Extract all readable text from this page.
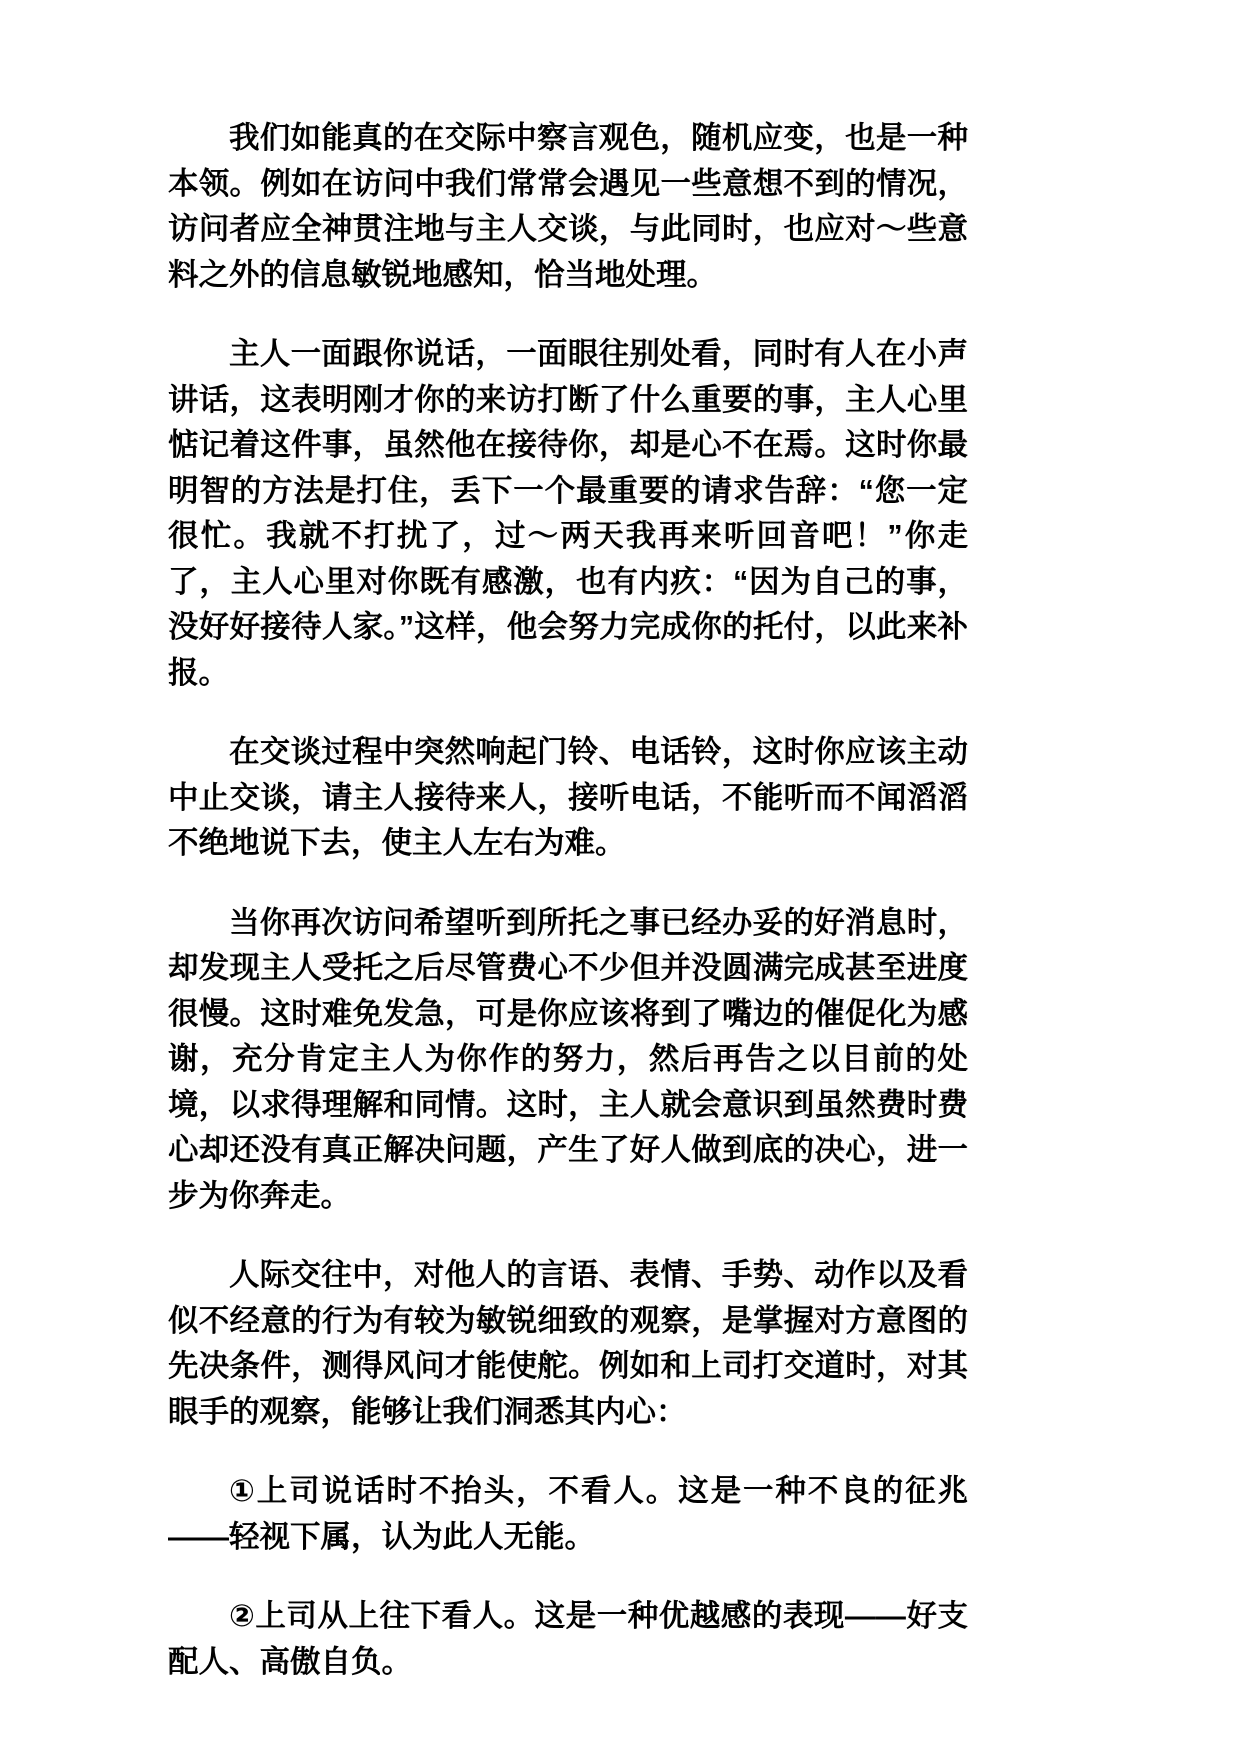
我们如能真的在交际中察言观色，随机应变，也是一种本领。例如在访问中我们常常会遇见一些意想不到的情况，访问者应全神贯注地与主人交谈，与此同时，也应对～些意料之外的信息敏锐地感知，恰当地处理。

主人一面跟你说话，一面眼往别处看，同时有人在小声讲话，这表明刚才你的来访打断了什么重要的事，主人心里惦记着这件事，虽然他在接待你，却是心不在焉。这时你最明智的方法是打住，丢下一个最重要的请求告辞：“您一定很忙。我就不打扰了，过～两天我再来听回音吧！”你走了，主人心里对你既有感激，也有内疚：“因为自己的事，没好好接待人家。”这样，他会努力完成你的托付，以此来补报。

在交谈过程中突然响起门铃、电话铃，这时你应该主动中止交谈，请主人接待来人，接听电话，不能听而不闻滔滔不绝地说下去，使主人左右为难。

当你再次访问希望听到所托之事已经办妥的好消息时，却发现主人受托之后尽管费心不少但并没圆满完成甚至进度很慢。这时难免发急，可是你应该将到了嘴边的催促化为感谢，充分肯定主人为你作的努力，然后再告之以目前的处境，以求得理解和同情。这时，主人就会意识到虽然费时费心却还没有真正解决问题，产生了好人做到底的决心，进一步为你奔走。

人际交往中，对他人的言语、表情、手势、动作以及看似不经意的行为有较为敏锐细致的观察，是掌握对方意图的先决条件，测得风问才能使舵。例如和上司打交道时，对其眼手的观察，能够让我们洞悉其内心：

①上司说话时不抬头，不看人。这是一种不良的征兆——轻视下属，认为此人无能。

②上司从上往下看人。这是一种优越感的表现——好支配人、高傲自负。
